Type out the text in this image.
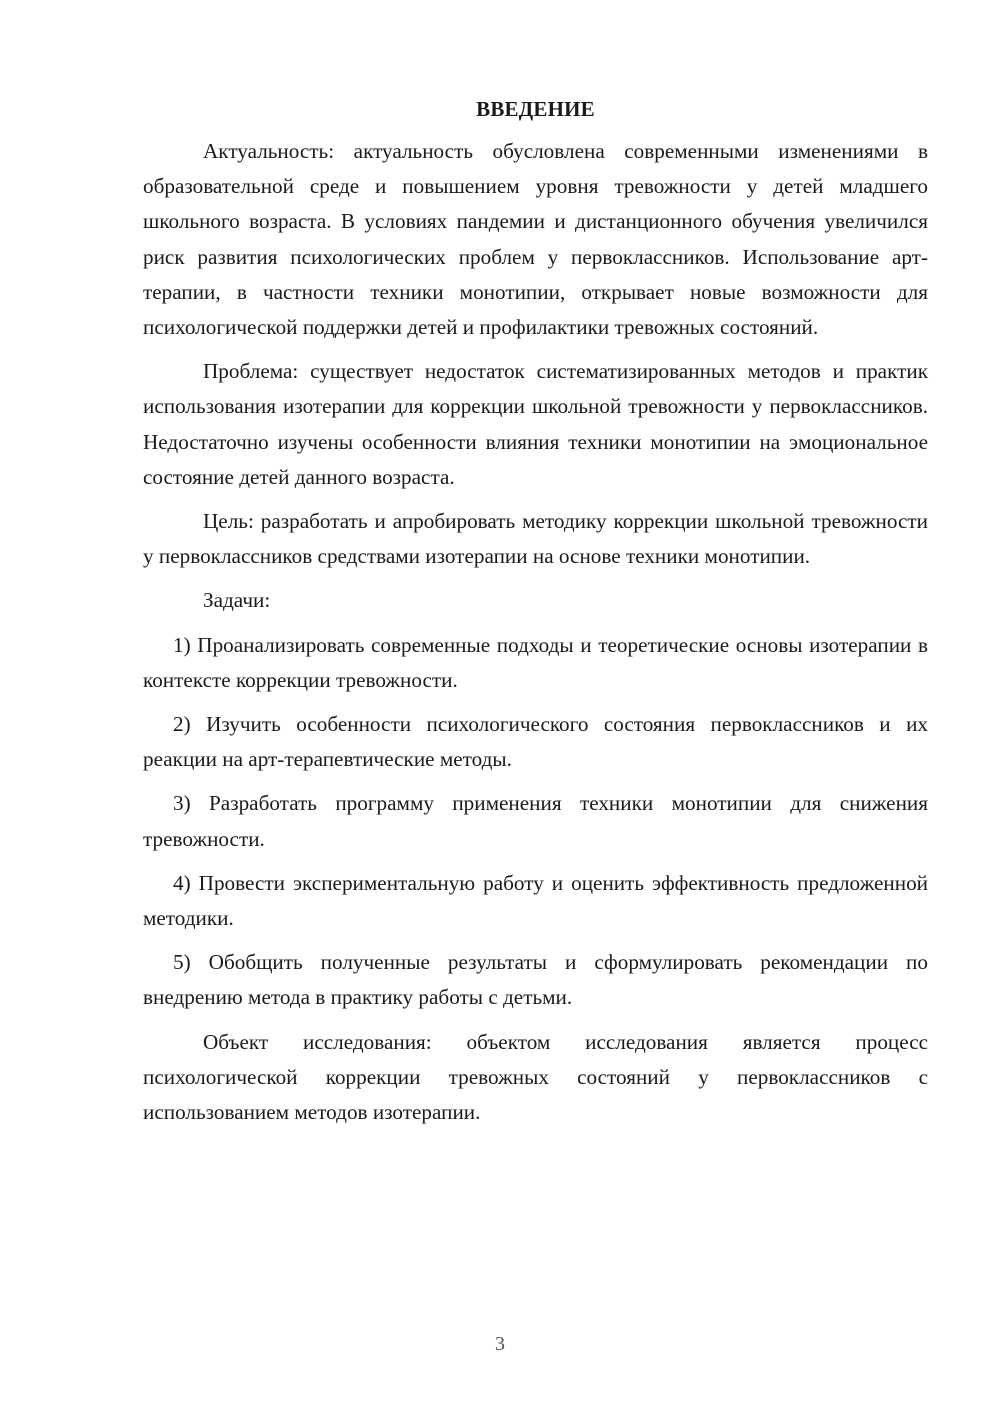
ВВЕДЕНИЕ

Актуальность: актуальность обусловлена современными изменениями в образовательной среде и повышением уровня тревожности у детей младшего школьного возраста. В условиях пандемии и дистанционного обучения увеличился риск развития психологических проблем у первоклассников. Использование арт-терапии, в частности техники монотипии, открывает новые возможности для психологической поддержки детей и профилактики тревожных состояний.

Проблема: существует недостаток систематизированных методов и практик использования изотерапии для коррекции школьной тревожности у первоклассников. Недостаточно изучены особенности влияния техники монотипии на эмоциональное состояние детей данного возраста.

Цель: разработать и апробировать методику коррекции школьной тревожности у первоклассников средствами изотерапии на основе техники монотипии.

Задачи:

1) Проанализировать современные подходы и теоретические основы изотерапии в контексте коррекции тревожности.

2) Изучить особенности психологического состояния первоклассников и их реакции на арт-терапевтические методы.

3) Разработать программу применения техники монотипии для снижения тревожности.

4) Провести экспериментальную работу и оценить эффективность предложенной методики.

5) Обобщить полученные результаты и сформулировать рекомендации по внедрению метода в практику работы с детьми.

Объект исследования: объектом исследования является процесс психологической коррекции тревожных состояний у первоклассников с использованием методов изотерапии.

3
